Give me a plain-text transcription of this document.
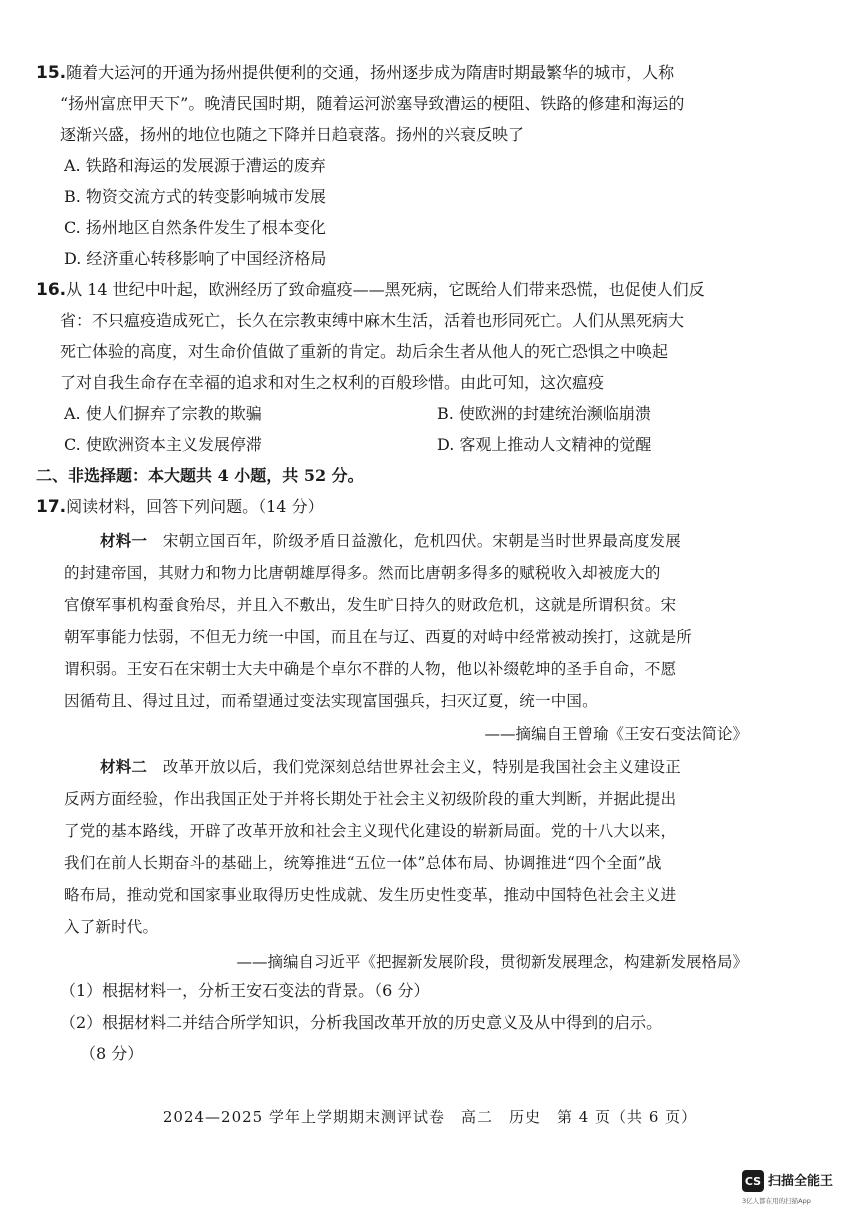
15.随着大运河的开通为扬州提供便利的交通，扬州逐步成为隋唐时期最繁华的城市，人称
“扬州富庶甲天下”。晚清民国时期，随着运河淤塞导致漕运的梗阻、铁路的修建和海运的
逐渐兴盛，扬州的地位也随之下降并日趋衰落。扬州的兴衰反映了
A. 铁路和海运的发展源于漕运的废弃
B. 物资交流方式的转变影响城市发展
C. 扬州地区自然条件发生了根本变化
D. 经济重心转移影响了中国经济格局
16.从 14 世纪中叶起，欧洲经历了致命瘟疫——黑死病，它既给人们带来恐慌，也促使人们反
省：不只瘟疫造成死亡，长久在宗教束缚中麻木生活，活着也形同死亡。人们从黑死病大
死亡体验的高度，对生命价值做了重新的肯定。劫后余生者从他人的死亡恐惧之中唤起
了对自我生命存在幸福的追求和对生之权利的百般珍惜。由此可知，这次瘟疫
A. 使人们摒弃了宗教的欺骗	B. 使欧洲的封建统治濒临崩溃
C. 使欧洲资本主义发展停滞	D. 客观上推动人文精神的觉醒
二、非选择题：本大题共 4 小题，共 52 分。
17.阅读材料，回答下列问题。（14 分）
材料一　 宋朝立国百年，阶级矛盾日益激化，危机四伏。宋朝是当时世界最高度发展
的封建帝国，其财力和物力比唐朝雄厚得多。然而比唐朝多得多的赋税收入却被庞大的
官僚军事机构蚕食殆尽，并且入不敷出，发生旷日持久的财政危机，这就是所谓积贫。宋
朝军事能力怯弱，不但无力统一中国，而且在与辽、西夏的对峙中经常被动挨打，这就是所
谓积弱。王安石在宋朝士大夫中确是个卓尔不群的人物，他以补缀乾坤的圣手自命，不愿
因循苟且、得过且过，而希望通过变法实现富国强兵，扫灭辽夏，统一中国。
——摘编自王曾瑜《王安石变法简论》
材料二　 改革开放以后，我们党深刻总结世界社会主义，特别是我国社会主义建设正
反两方面经验，作出我国正处于并将长期处于社会主义初级阶段的重大判断，并据此提出
了党的基本路线，开辟了改革开放和社会主义现代化建设的崭新局面。党的十八大以来，
我们在前人长期奋斗的基础上，统筹推进“五位一体”总体布局、协调推进“四个全面”战
略布局，推动党和国家事业取得历史性成就、发生历史性变革，推动中国特色社会主义进
入了新时代。
——摘编自习近平《把握新发展阶段，贯彻新发展理念，构建新发展格局》
（1）根据材料一，分析王安石变法的背景。（6 分）
（2）根据材料二并结合所学知识，分析我国改革开放的历史意义及从中得到的启示。
（8 分）
2024—2025 学年上学期期末测评试卷　高二　历史　第 4 页（共 6 页）
CS 扫描全能王
3亿人都在用的扫描App
